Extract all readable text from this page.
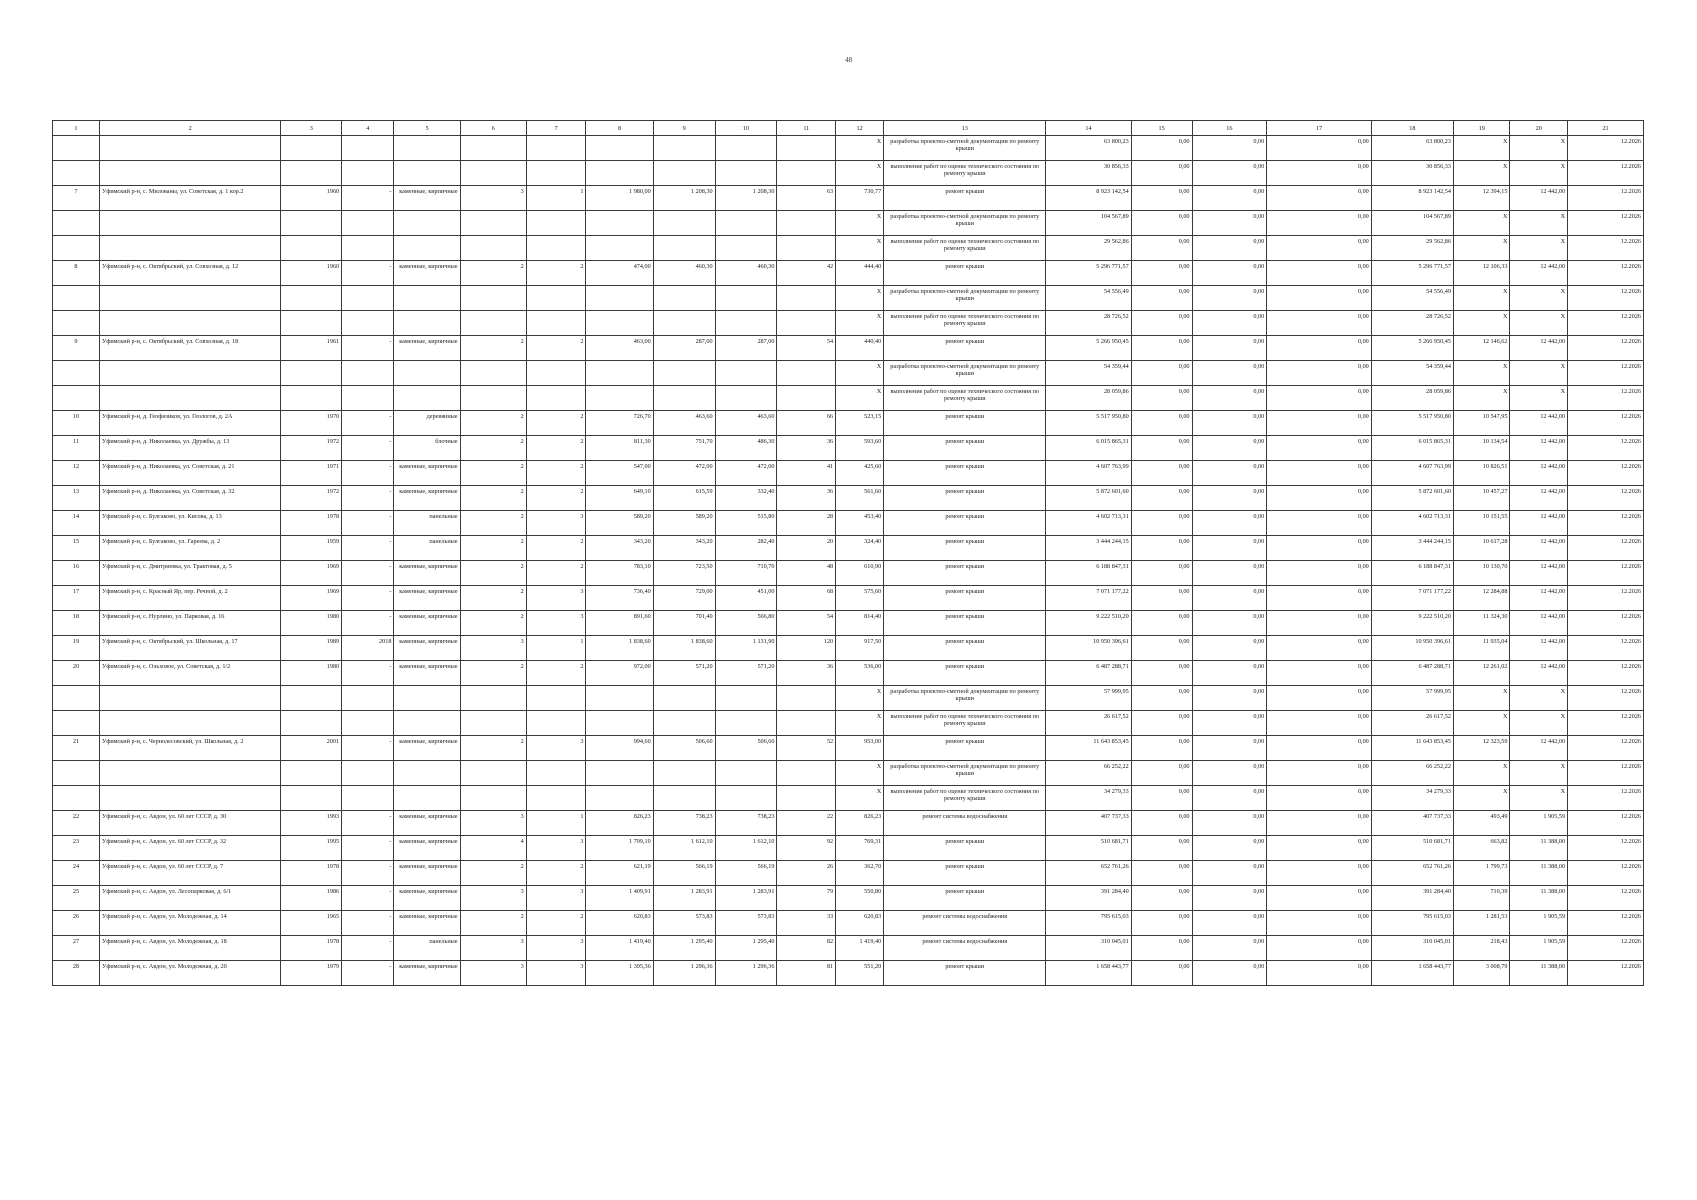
48
1	2	3	4	5	6	7	8	9	10	11	12	13	14	15	16	17	18	19	20	21
											X	разработка проектно-сметной документации по ремонту крыши	63 800,23	0,00	0,00	0,00	63 800,23	X	X	12.2026
											X	выполнение работ по оценке технического состояния по ремонту крыши	30 856,33	0,00	0,00	0,00	30 856,33	X	X	12.2026
7	Уфимский р-н, с. Милованы, ул. Советская, д. 1 кор.2	1960	-	каменные, кирпичные	3	1	1 980,00	1 208,30	1 208,30	63	730,77	ремонт крыши	8 923 142,54	0,00	0,00	0,00	8 923 142,54	12 394,15	12 442,00	12.2026
											X	разработка проектно-сметной документации по ремонту крыши	104 567,89	0,00	0,00	0,00	104 567,89	X	X	12.2026
											X	выполнение работ по оценке технического состояния по ремонту крыши	29 562,86	0,00	0,00	0,00	29 562,86	X	X	12.2026
8	Уфимский р-н, с. Октябрьский, ул. Совхозная, д. 12	1960	-	каменные, кирпичные	2	2	474,00	460,30	460,30	42	444,40	ремонт крыши	5 296 771,57	0,00	0,00	0,00	5 296 771,57	12 106,33	12 442,00	12.2026
											X	разработка проектно-сметной документации по ремонту крыши	54 556,49	0,00	0,00	0,00	54 556,49	X	X	12.2026
											X	выполнение работ по оценке технического состояния по ремонту крыши	28 726,52	0,00	0,00	0,00	28 726,52	X	X	12.2026
9	Уфимский р-н, с. Октябрьский, ул. Совхозная, д. 18	1961	-	каменные, кирпичные	2	2	463,00	287,00	287,00	54	440,40	ремонт крыши	5 266 950,45	0,00	0,00	0,00	5 266 950,45	12 146,62	12 442,00	12.2026
											X	разработка проектно-сметной документации по ремонту крыши	54 359,44	0,00	0,00	0,00	54 359,44	X	X	12.2026
											X	выполнение работ по оценке технического состояния по ремонту крыши	28 059,86	0,00	0,00	0,00	28 059,86	X	X	12.2026
10	Уфимский р-н, д. Геофизиков, ул. Геологов, д. 2А	1970	-	деревянные	2	2	726,70	463,60	463,60	66	523,15	ремонт крыши	5 517 950,80	0,00	0,00	0,00	5 517 950,80	10 547,95	12 442,00	12.2026
11	Уфимский р-н, д. Николаевка, ул. Дружбы, д. 13	1972	-	блочные	2	2	811,30	751,70	486,30	36	593,60	ремонт крыши	6 015 865,31	0,00	0,00	0,00	6 015 865,31	10 134,54	12 442,00	12.2026
12	Уфимский р-н, д. Николаевка, ул. Советская, д. 21	1971	-	каменные, кирпичные	2	2	547,00	472,00	472,00	41	425,60	ремонт крыши	4 607 763,99	0,00	0,00	0,00	4 607 763,99	10 826,51	12 442,00	12.2026
13	Уфимский р-н, д. Николаевка, ул. Советская, д. 32	1972	-	каменные, кирпичные	2	2	649,10	615,59	332,40	36	561,60	ремонт крыши	5 872 601,60	0,00	0,00	0,00	5 872 601,60	10 457,27	12 442,00	12.2026
14	Уфимский р-н, с. Булгаково, ул. Кисова, д. 13	1978	-	панельные	2	3	589,20	589,20	515,80	28	453,40	ремонт крыши	4 602 713,31	0,00	0,00	0,00	4 602 713,31	10 151,55	12 442,00	12.2026
15	Уфимский р-н, с. Булгаково, ул. Гареева, д. 2	1959	-	панельные	2	2	343,20	343,20	282,40	20	324,40	ремонт крыши	3 444 244,15	0,00	0,00	0,00	3 444 244,15	10 617,28	12 442,00	12.2026
16	Уфимский р-н, с. Дмитриевка, ул. Трактовая, д. 5	1969	-	каменные, кирпичные	2	2	783,10	723,50	710,70	48	610,90	ремонт крыши	6 188 847,31	0,00	0,00	0,00	6 188 847,31	10 130,70	12 442,00	12.2026
17	Уфимский р-н, с. Красный Яр, пер. Речной, д. 2	1969	-	каменные, кирпичные	2	3	736,40	729,00	451,00	68	575,60	ремонт крыши	7 071 177,22	0,00	0,00	0,00	7 071 177,22	12 284,88	12 442,00	12.2026
18	Уфимский р-н, с. Нурлино, ул. Парковая, д. 16	1980	-	каменные, кирпичные	2	3	891,60	701,40	566,80	54	814,40	ремонт крыши	9 222 510,20	0,00	0,00	0,00	9 222 510,20	11 324,30	12 442,00	12.2026
19	Уфимский р-н, с. Октябрьский, ул. Школьная, д. 17	1989	2018	каменные, кирпичные	3	1	1 838,60	1 838,60	1 131,90	120	917,50	ремонт крыши	10 950 396,61	0,00	0,00	0,00	10 950 396,61	11 935,04	12 442,00	12.2026
20	Уфимский р-н, с. Ольховое, ул. Советская, д. 1/2	1980	-	каменные, кирпичные	2	2	972,00	571,20	571,20	36	536,00	ремонт крыши	6 487 288,71	0,00	0,00	0,00	6 487 288,71	12 261,02	12 442,00	12.2026
											X	разработка проектно-сметной документации по ремонту крыши	57 999,95	0,00	0,00	0,00	57 999,95	X	X	12.2026
											X	выполнение работ по оценке технического состояния по ремонту крыши	26 617,52	0,00	0,00	0,00	26 617,52	X	X	12.2026
21	Уфимский р-н, с. Чернолесовский, ул. Школьная, д. 2	2001	-	каменные, кирпичные	2	3	994,60	506,60	506,60	52	953,00	ремонт крыши	11 643 853,45	0,00	0,00	0,00	11 643 853,45	12 323,59	12 442,00	12.2026
											X	разработка проектно-сметной документации по ремонту крыши	66 252,22	0,00	0,00	0,00	66 252,22	X	X	12.2026
											X	выполнение работ по оценке технического состояния по ремонту крыши	34 279,33	0,00	0,00	0,00	34 279,33	X	X	12.2026
22	Уфимский р-н, с. Авдон, ул. 60 лет СССР, д. 30	1993	-	каменные, кирпичные	3	1	826,23	738,23	738,23	22	826,23	ремонт системы водоснабжения	407 737,33	0,00	0,00	0,00	407 737,33	493,49	1 905,59	12.2026
23	Уфимский р-н, с. Авдон, ул. 60 лет СССР, д. 32	1995	-	каменные, кирпичные	4	3	1 799,10	1 612,10	1 612,10	92	769,31	ремонт крыши	510 681,71	0,00	0,00	0,00	510 681,71	663,82	11 388,00	12.2026
24	Уфимский р-н, с. Авдон, ул. 60 лет СССР, д. 7	1978	-	каменные, кирпичные	2	2	621,19	566,19	566,19	26	362,70	ремонт крыши	652 761,26	0,00	0,00	0,00	652 761,26	1 799,73	11 388,00	12.2026
25	Уфимский р-н, с. Авдон, ул. Лесопарковая, д. 6/1	1986	-	каменные, кирпичные	3	3	1 409,91	1 283,91	1 283,91	79	550,80	ремонт крыши	391 284,40	0,00	0,00	0,00	391 284,40	710,39	11 388,00	12.2026
26	Уфимский р-н, с. Авдон, ул. Молодежная, д. 14	1965	-	каменные, кирпичные	2	2	620,83	573,83	573,83	33	620,83	ремонт системы водоснабжения	795 615,03	0,00	0,00	0,00	795 615,03	1 281,53	1 905,59	12.2026
27	Уфимский р-н, с. Авдон, ул. Молодежная, д. 18	1978	-	панельные	3	3	1 419,40	1 295,40	1 295,40	82	1 419,40	ремонт системы водоснабжения	310 045,01	0,00	0,00	0,00	310 045,01	218,43	1 905,59	12.2026
28	Уфимский р-н, с. Авдон, ул. Молодежная, д. 20	1979	-	каменные, кирпичные	3	3	1 395,36	1 296,36	1 296,36	81	551,20	ремонт крыши	1 658 443,77	0,00	0,00	0,00	1 658 443,77	3 008,79	11 388,00	12.2026
